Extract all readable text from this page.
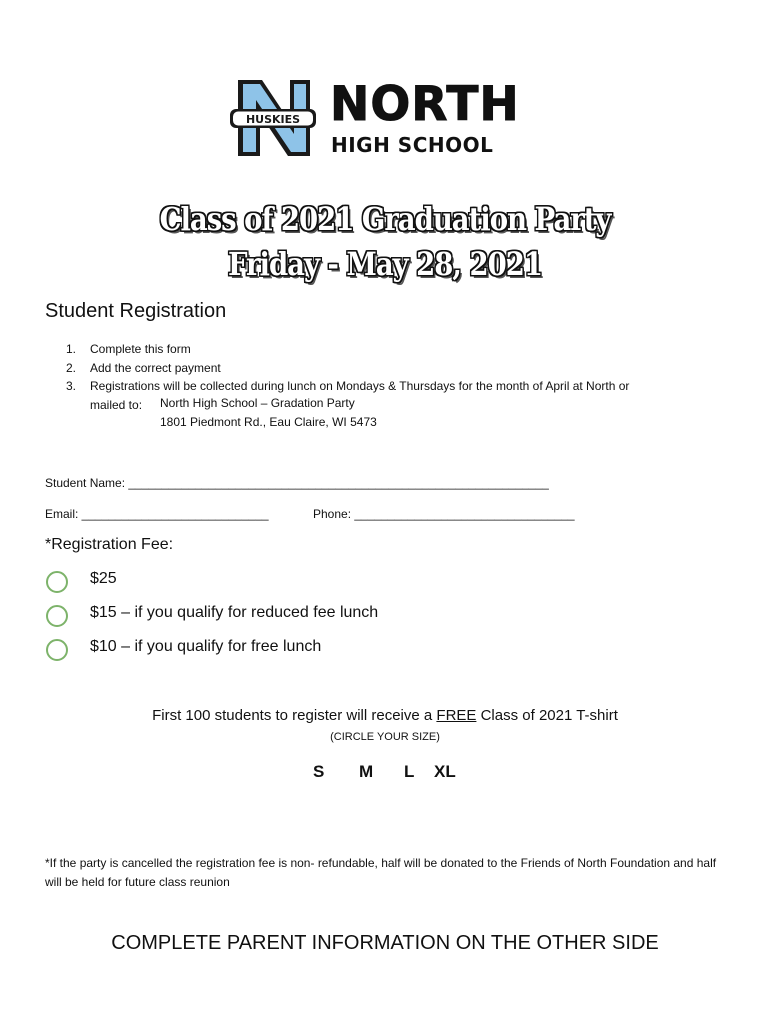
HUSKIES NORTH
HIGH SCHOOL
Class of 2021 Graduation Party
Friday - May 28, 2021
Student Registration
1. Complete this form
2. Add the correct payment
3. Registrations will be collected during lunch on Mondays & Thursdays for the month of April at North or
mailed to:	North High School – Gradation Party
1801 Piedmont Rd., Eau Claire, WI 5473
Student Name: _______________________________________________________________
Email: ____________________________	Phone: _________________________________
*Registration Fee:
$25
$15 – if you qualify for reduced fee lunch
$10 – if you qualify for free lunch
First 100 students to register will receive a FREE Class of 2021 T-shirt
(CIRCLE YOUR SIZE)
S M L XL
*If the party is cancelled the registration fee is non- refundable, half will be donated to the Friends of North Foundation and half will be held for future class reunion
COMPLETE PARENT INFORMATION ON THE OTHER SIDE
